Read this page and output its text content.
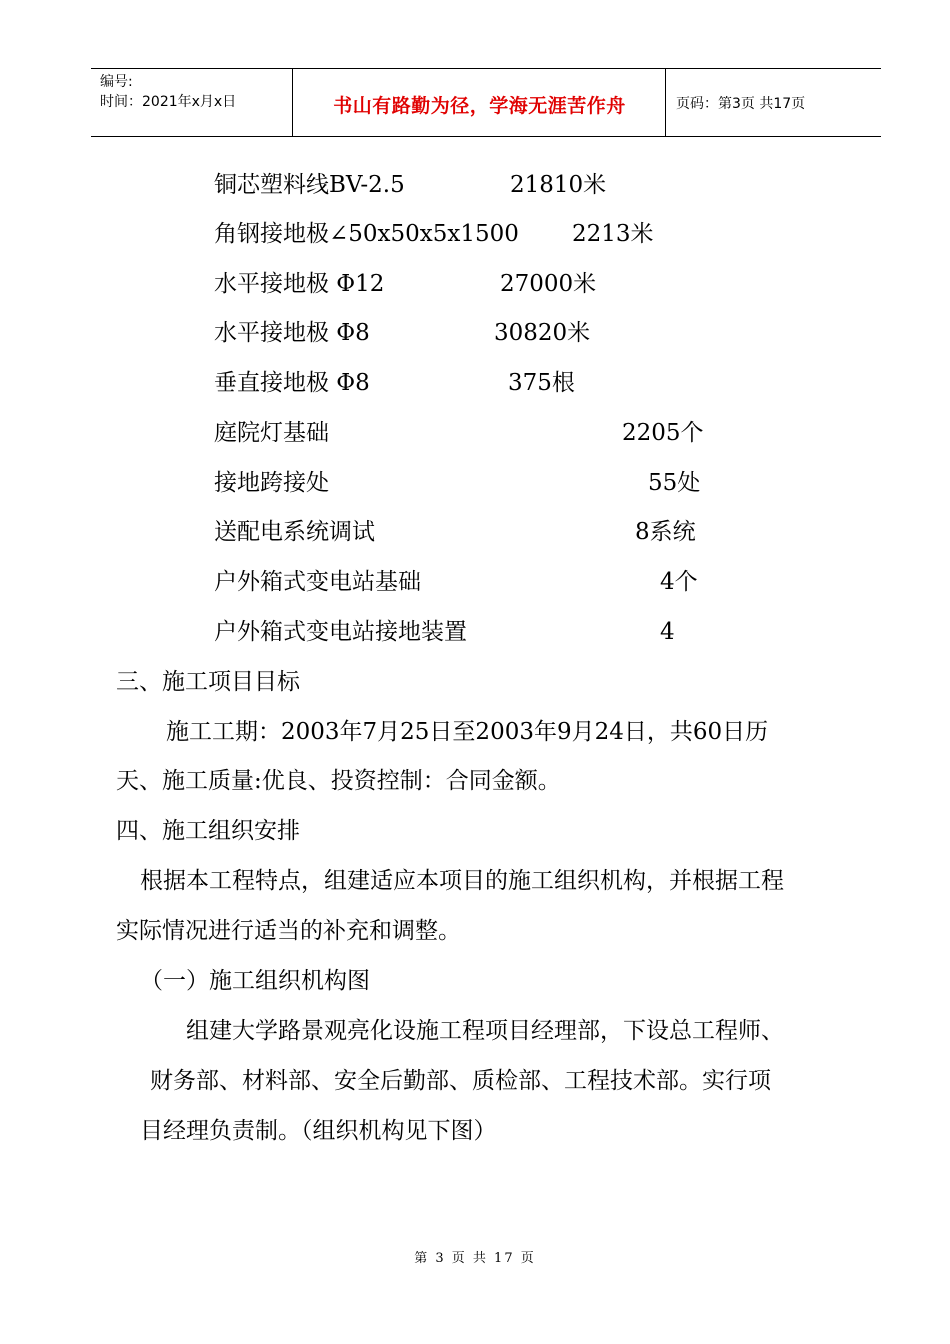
编号:
时间：2021年x月x日	书山有路勤为径，学海无涯苦作舟	页码：第3页 共17页
铜芯塑料线BV-2.5	21810米
角钢接地极∠50x50x5x1500 2213米
水平接地极 Φ12	27000米
水平接地极 Φ8	30820米
垂直接地极 Φ8	375根
庭院灯基础	2205个
接地跨接处	55处
送配电系统调试	8系统
户外箱式变电站基础	4个
户外箱式变电站接地装置	4
三、施工项目目标
施工工期：2003年7月25日至2003年9月24日，共60日历
天、施工质量:优良、投资控制：合同金额。
四、施工组织安排
根据本工程特点，组建适应本项目的施工组织机构，并根据工程
实际情况进行适当的补充和调整。
（一）施工组织机构图
组建大学路景观亮化设施工程项目经理部，下设总工程师、
财务部、材料部、安全后勤部、质检部、工程技术部。实行项
目经理负责制。（组织机构见下图）
第 3 页 共 17 页
